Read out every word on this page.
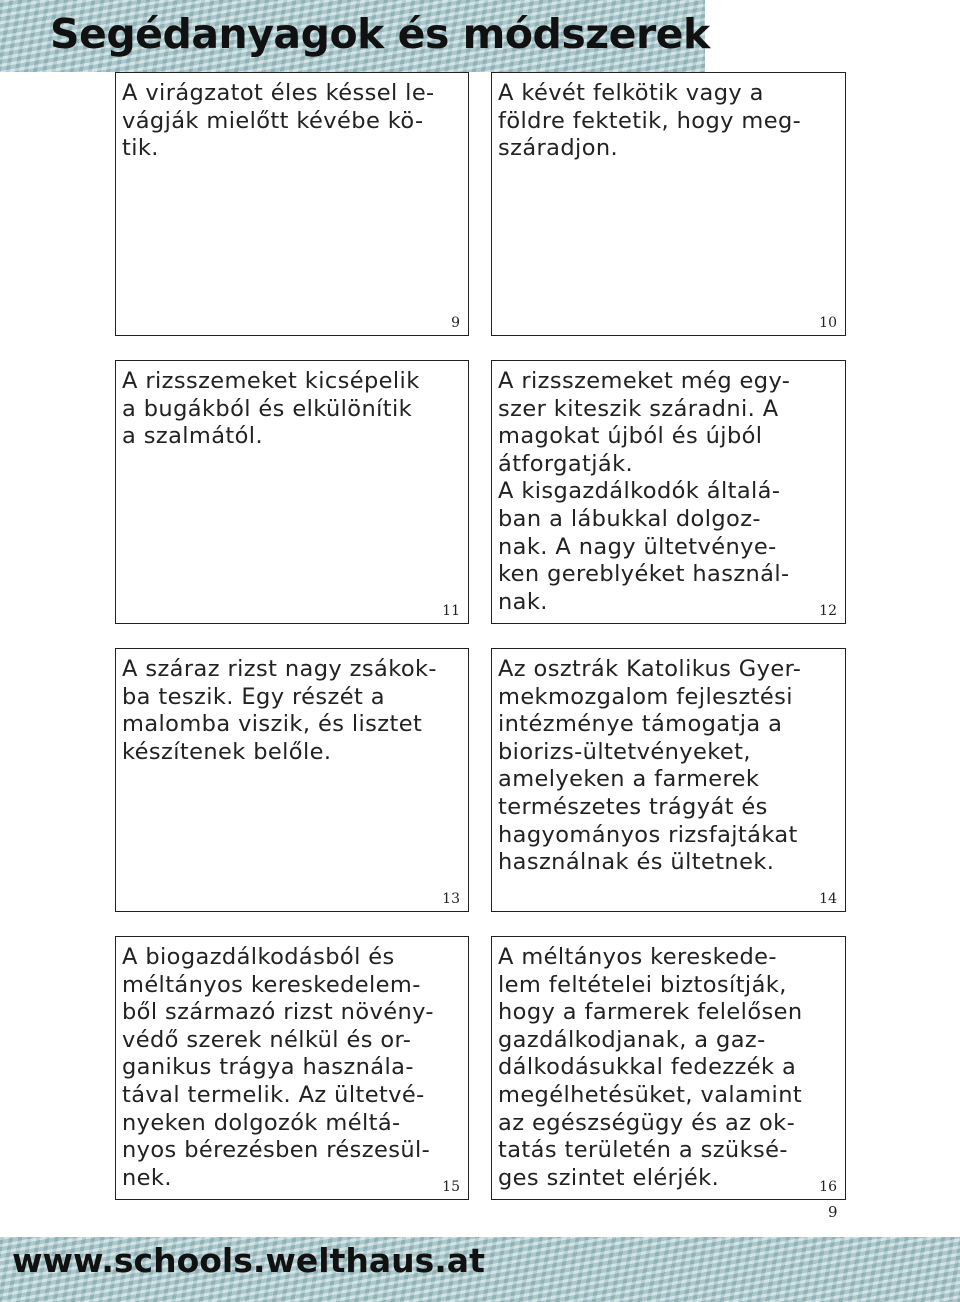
Segédanyagok és módszerek
A virágzatot éles késsel le-
vágják mielőtt kévébe kö-
tik.
9
A kévét felkötik vagy a
földre fektetik, hogy meg-
száradjon.
10
A rizsszemeket kicsépelik
a bugákból és elkülönítik
a szalmától.
11
A rizsszemeket még egy-
szer kiteszik száradni. A
magokat újból és újból
átforgatják.
A kisgazdálkodók általá-
ban a lábukkal dolgoz-
nak. A nagy ültetvénye-
ken gereblyéket használ-
nak.	12
A száraz rizst nagy zsákok-
ba teszik. Egy részét a
malomba viszik, és lisztet
készítenek belőle.
13
Az osztrák Katolikus Gyer-
mekmozgalom fejlesztési
intézménye támogatja a
biorizs-ültetvényeket,
amelyeken a farmerek
természetes trágyát és
hagyományos rizsfajtákat
használnak és ültetnek.
14
A biogazdálkodásból és
méltányos kereskedelem-
ből származó rizst növény-
védő szerek nélkül és or-
ganikus trágya használa-
tával termelik. Az ültetvé-
nyeken dolgozók méltá-
nyos bérezésben részesül-
nek.	15
A méltányos kereskede-
lem feltételei biztosítják,
hogy a farmerek felelősen
gazdálkodjanak, a gaz-
dálkodásukkal fedezzék a
megélhetésüket, valamint
az egészségügy és az ok-
tatás területén a szüksé-
ges szintet elérjék.	16
9
www.schools.welthaus.at
